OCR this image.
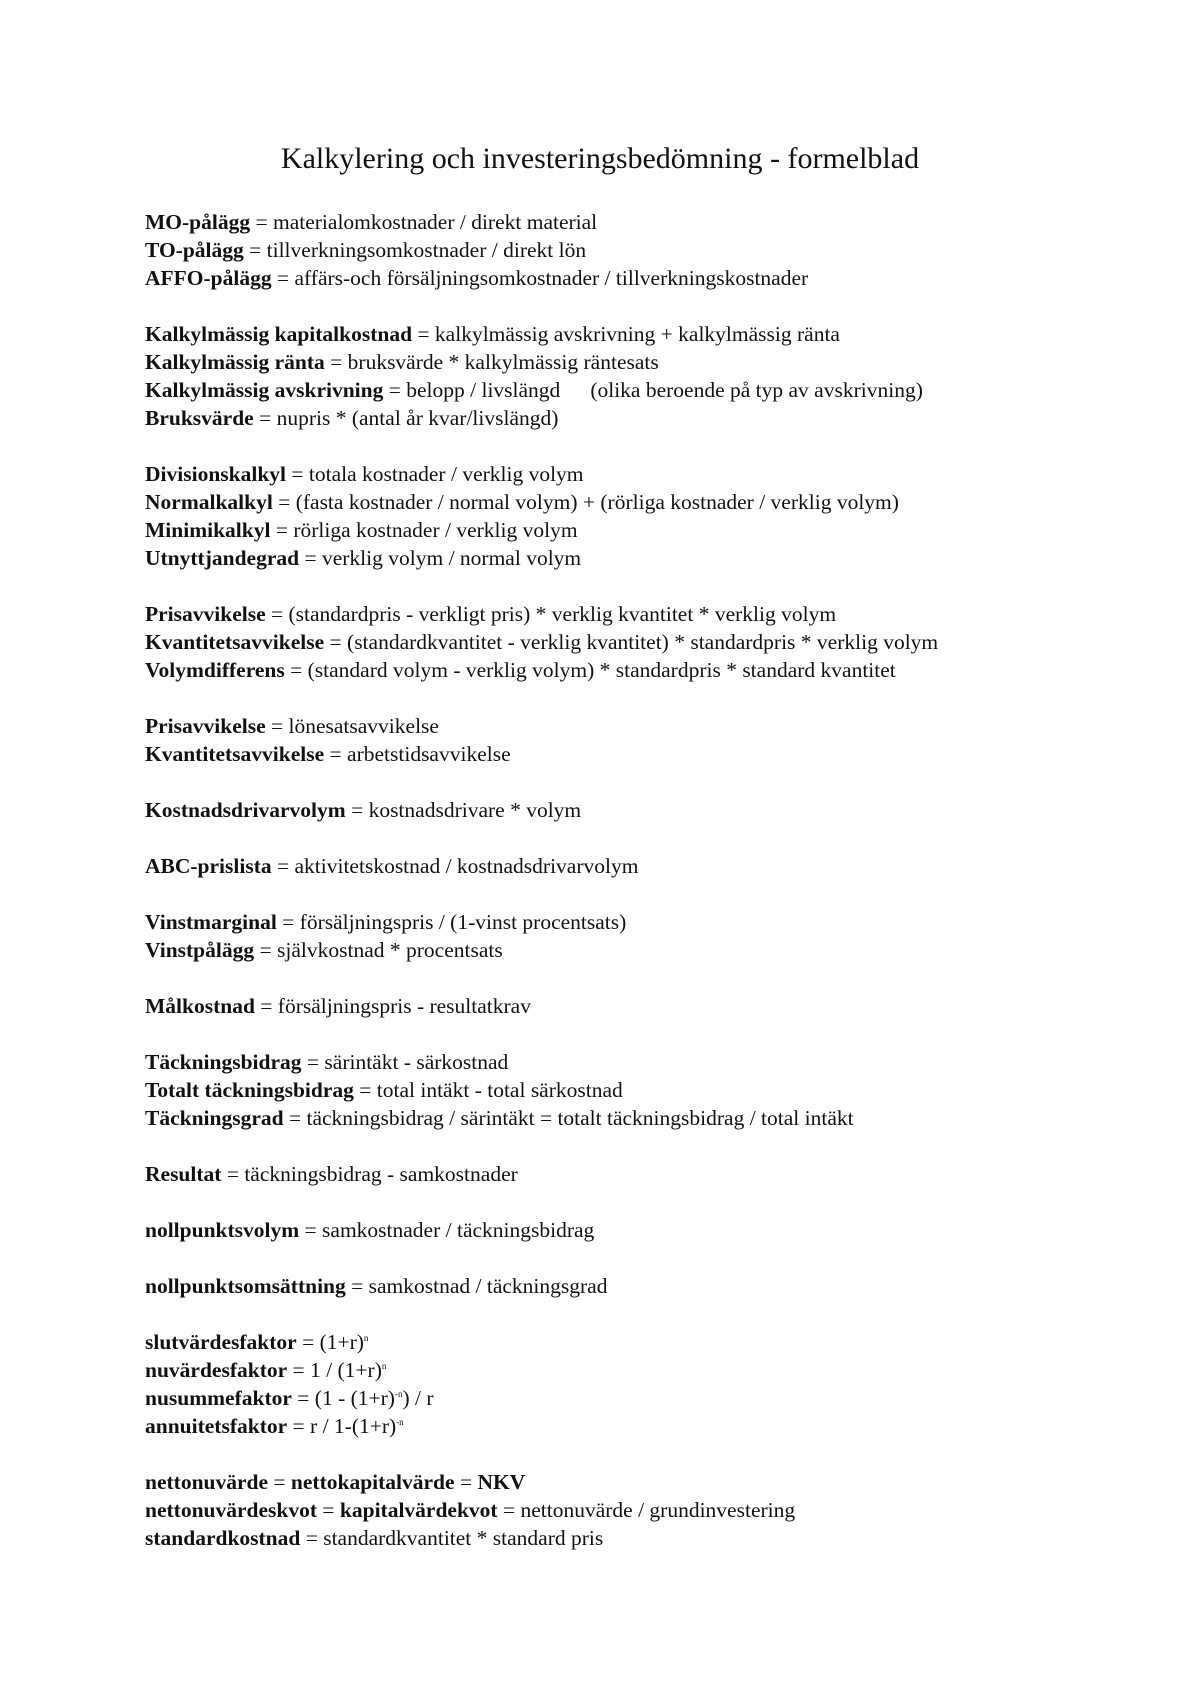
Kalkylering och investeringsbedömning - formelblad
MO-pålägg = materialomkostnader / direkt material
TO-pålägg = tillverkningsomkostnader / direkt lön
AFFO-pålägg = affärs-och försäljningsomkostnader / tillverkningskostnader
Kalkylmässig kapitalkostnad = kalkylmässig avskrivning + kalkylmässig ränta
Kalkylmässig ränta = bruksvärde * kalkylmässig räntesats
Kalkylmässig avskrivning = belopp / livslängd (olika beroende på typ av avskrivning)
Bruksvärde = nupris * (antal år kvar/livslängd)
Divisionskalkyl = totala kostnader / verklig volym
Normalkalkyl = (fasta kostnader / normal volym) + (rörliga kostnader / verklig volym)
Minimikalkyl = rörliga kostnader / verklig volym
Utnyttjandegrad = verklig volym / normal volym
Prisavvikelse = (standardpris - verkligt pris) * verklig kvantitet * verklig volym
Kvantitetsavvikelse = (standardkvantitet - verklig kvantitet) * standardpris * verklig volym
Volymdifferens = (standard volym - verklig volym) * standardpris * standard kvantitet
Prisavvikelse = lönesatsavvikelse
Kvantitetsavvikelse = arbetstidsavvikelse
Kostnadsdrivarvolym = kostnadsdrivare * volym
ABC-prislista = aktivitetskostnad / kostnadsdrivarvolym
Vinstmarginal = försäljningspris / (1-vinst procentsats)
Vinstpålägg = självkostnad * procentsats
Målkostnad = försäljningspris - resultatkrav
Täckningsbidrag = särintäkt - särkostnad
Totalt täckningsbidrag = total intäkt - total särkostnad
Täckningsgrad = täckningsbidrag / särintäkt = totalt täckningsbidrag / total intäkt
Resultat = täckningsbidrag - samkostnader
nollpunktsvolym = samkostnader / täckningsbidrag
nollpunktsomsättning = samkostnad / täckningsgrad
slutvärdesfaktor = $(1+r)^n$
nuvärdesfaktor = $1 / (1+r)^n$
nusummefaktor = $(1 - (1+r)^{-n}) / r$
annuitetsfaktor = $r / 1-(1+r)^{-n}$
nettonuvärde = nettokapitalvärde = NKV
nettonuvärdeskvot = kapitalvärdekvot = nettonuvärde / grundinvestering
standardkostnad = standardkvantitet * standard pris
